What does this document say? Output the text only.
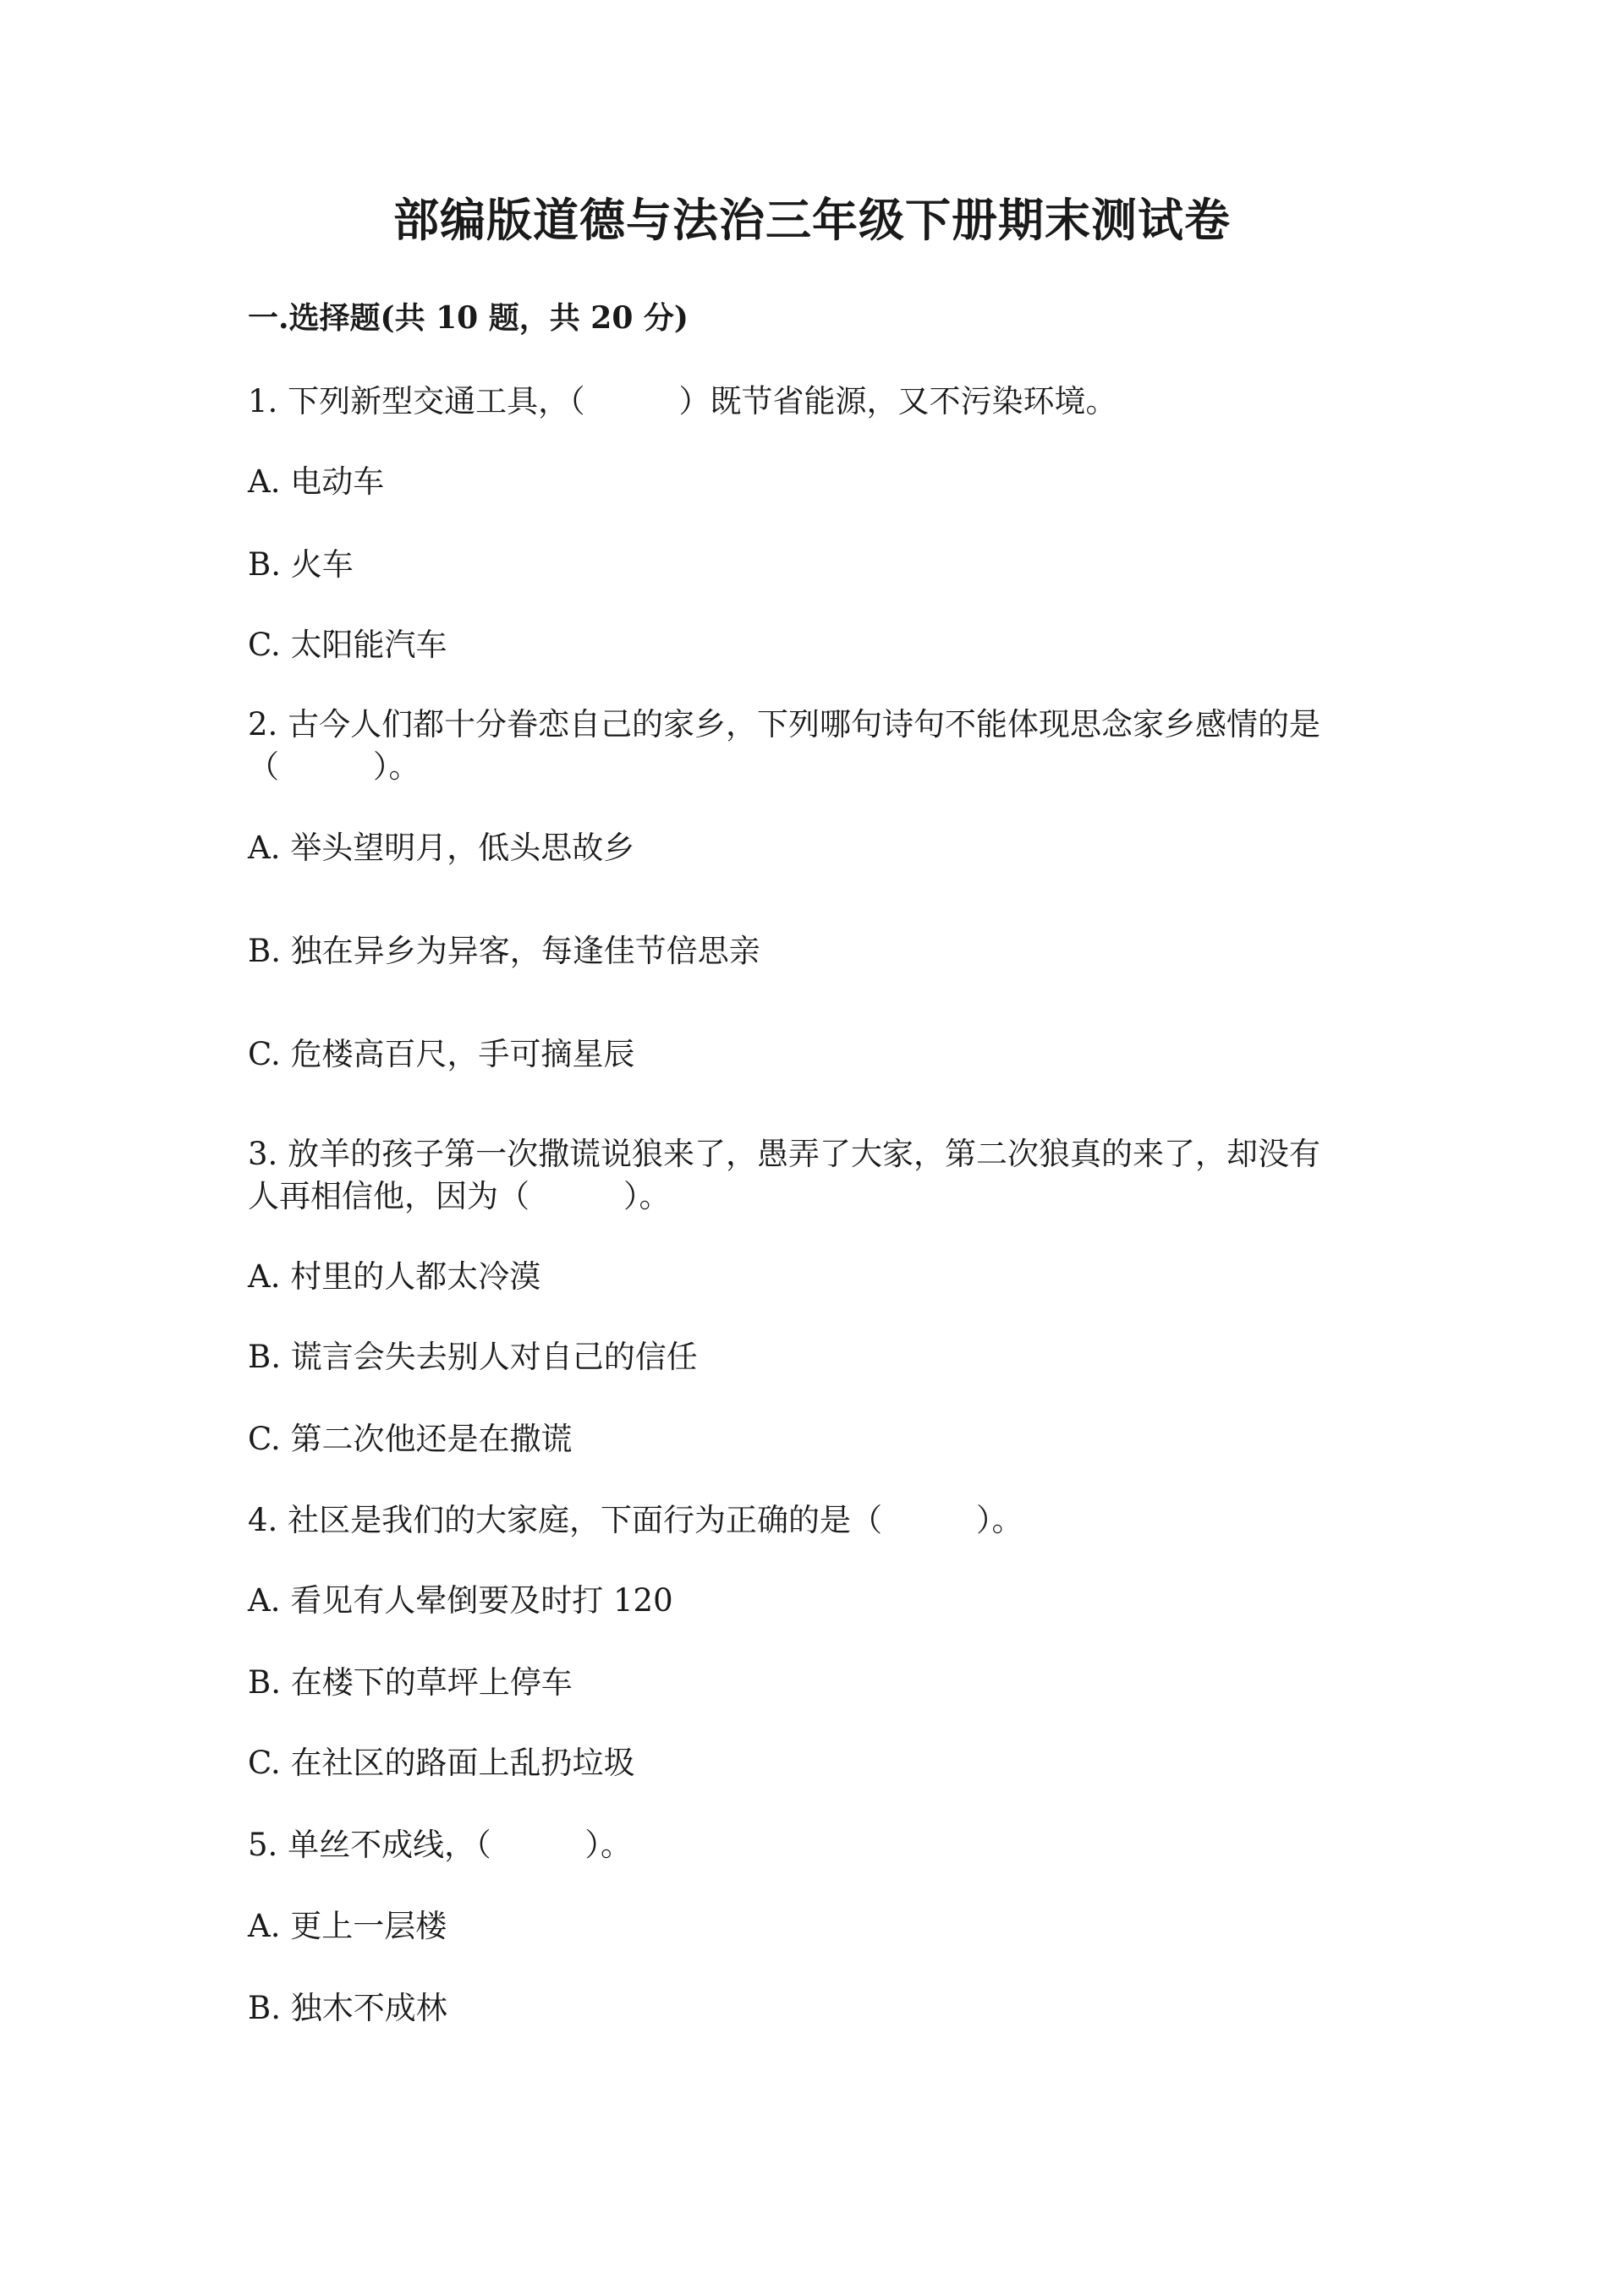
部编版道德与法治三年级下册期末测试卷
一.选择题(共 10 题，共 20 分)
1. 下列新型交通工具，（　　　）既节省能源，又不污染环境。
A. 电动车
B. 火车
C. 太阳能汽车
2. 古今人们都十分眷恋自己的家乡，下列哪句诗句不能体现思念家乡感情的是
（　　　）。
A. 举头望明月，低头思故乡
B. 独在异乡为异客，每逢佳节倍思亲
C. 危楼高百尺，手可摘星辰
3. 放羊的孩子第一次撒谎说狼来了，愚弄了大家，第二次狼真的来了，却没有
人再相信他，因为（　　　）。
A. 村里的人都太冷漠
B. 谎言会失去别人对自己的信任
C. 第二次他还是在撒谎
4. 社区是我们的大家庭，下面行为正确的是（　　　）。
A. 看见有人晕倒要及时打 120
B. 在楼下的草坪上停车
C. 在社区的路面上乱扔垃圾
5. 单丝不成线，（　　　）。
A. 更上一层楼
B. 独木不成林
